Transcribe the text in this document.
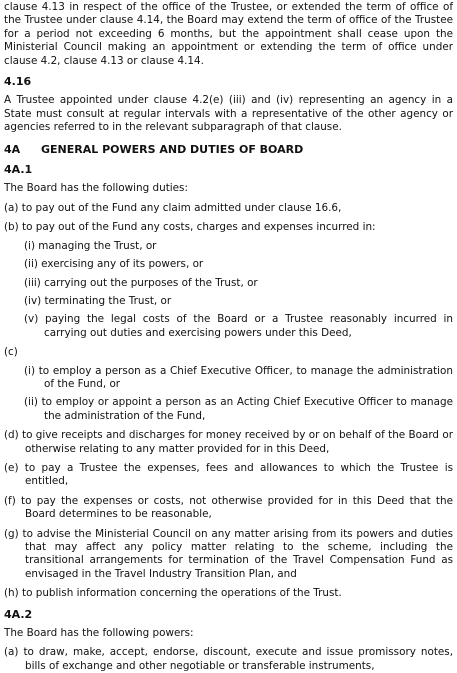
clause 4.13 in respect of the office of the Trustee, or extended the term of office of the Trustee under clause 4.14, the Board may extend the term of office of the Trustee for a period not exceeding 6 months, but the appointment shall cease upon the Ministerial Council making an appointment or extending the term of office under clause 4.2, clause 4.13 or clause 4.14.

4.16

A Trustee appointed under clause 4.2(e) (iii) and (iv) representing an agency in a State must consult at regular intervals with a representative of the other agency or agencies referred to in the relevant subparagraph of that clause.

4A GENERAL POWERS AND DUTIES OF BOARD
4A.1

The Board has the following duties:

(a) to pay out of the Fund any claim admitted under clause 16.6,

(b) to pay out of the Fund any costs, charges and expenses incurred in:

(i) managing the Trust, or

(ii) exercising any of its powers, or

(iii) carrying out the purposes of the Trust, or

(iv) terminating the Trust, or

(v) paying the legal costs of the Board or a Trustee reasonably incurred in carrying out duties and exercising powers under this Deed,

(c)

(i) to employ a person as a Chief Executive Officer, to manage the administration of the Fund, or

(ii) to employ or appoint a person as an Acting Chief Executive Officer to manage the administration of the Fund,

(d) to give receipts and discharges for money received by or on behalf of the Board or otherwise relating to any matter provided for in this Deed,

(e) to pay a Trustee the expenses, fees and allowances to which the Trustee is entitled,

(f) to pay the expenses or costs, not otherwise provided for in this Deed that the Board determines to be reasonable,

(g) to advise the Ministerial Council on any matter arising from its powers and duties that may affect any policy matter relating to the scheme, including the transitional arrangements for termination of the Travel Compensation Fund as envisaged in the Travel Industry Transition Plan, and

(h) to publish information concerning the operations of the Trust.

4A.2

The Board has the following powers:

(a) to draw, make, accept, endorse, discount, execute and issue promissory notes, bills of exchange and other negotiable or transferable instruments,
